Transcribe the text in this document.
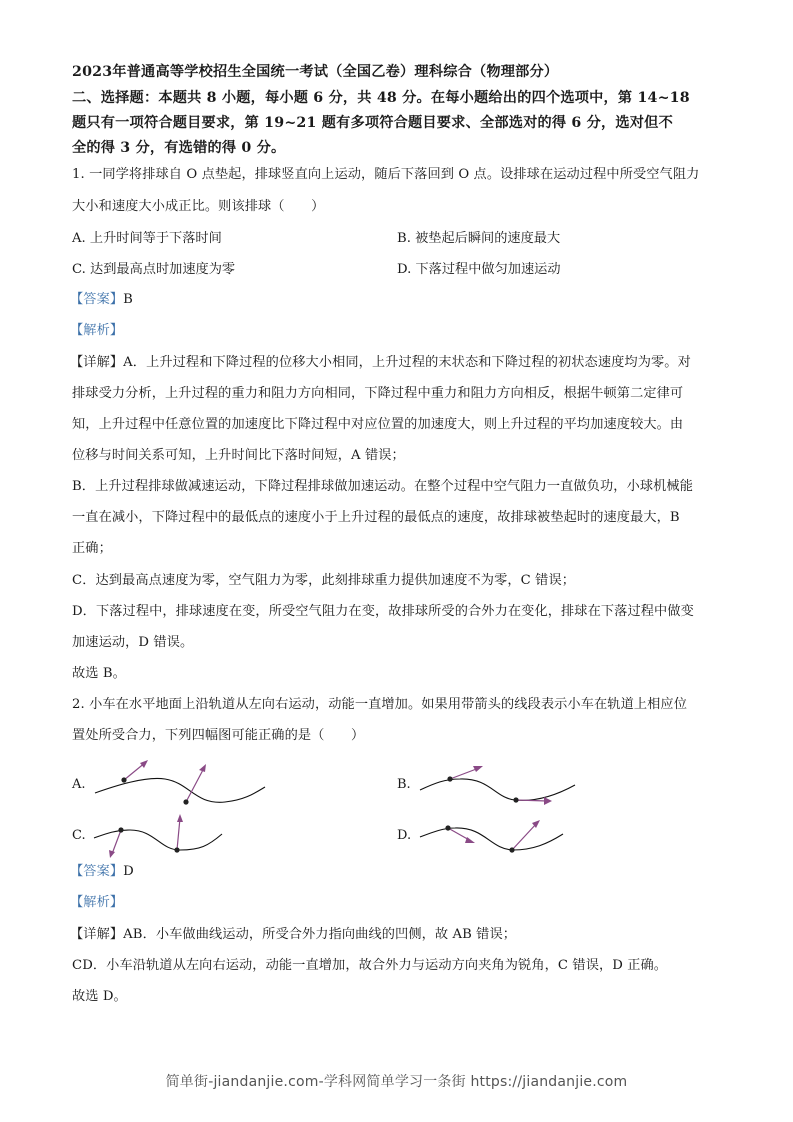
2023年普通高等学校招生全国统一考试（全国乙卷）理科综合（物理部分）
二、选择题：本题共 8 小题，每小题 6 分，共 48 分。在每小题给出的四个选项中，第 14~18
题只有一项符合题目要求，第 19~21 题有多项符合题目要求、全部选对的得 6 分，选对但不
全的得 3 分，有选错的得 0 分。
1. 一同学将排球自 O 点垫起，排球竖直向上运动，随后下落回到 O 点。设排球在运动过程中所受空气阻力
大小和速度大小成正比。则该排球（　　）
A. 上升时间等于下落时间	B. 被垫起后瞬间的速度最大
C. 达到最高点时加速度为零	D. 下落过程中做匀加速运动
【答案】B
【解析】
【详解】A．上升过程和下降过程的位移大小相同，上升过程的末状态和下降过程的初状态速度均为零。对
排球受力分析，上升过程的重力和阻力方向相同，下降过程中重力和阻力方向相反，根据牛顿第二定律可
知，上升过程中任意位置的加速度比下降过程中对应位置的加速度大，则上升过程的平均加速度较大。由
位移与时间关系可知，上升时间比下落时间短，A 错误；
B．上升过程排球做减速运动，下降过程排球做加速运动。在整个过程中空气阻力一直做负功，小球机械能
一直在减小，下降过程中的最低点的速度小于上升过程的最低点的速度，故排球被垫起时的速度最大，B
正确；
C．达到最高点速度为零，空气阻力为零，此刻排球重力提供加速度不为零，C 错误；
D．下落过程中，排球速度在变，所受空气阻力在变，故排球所受的合外力在变化，排球在下落过程中做变
加速运动，D 错误。
故选 B。
2. 小车在水平地面上沿轨道从左向右运动，动能一直增加。如果用带箭头的线段表示小车在轨道上相应位
置处所受合力，下列四幅图可能正确的是（　　）
A.	B.
C.	D.
【答案】D
【解析】
【详解】AB．小车做曲线运动，所受合外力指向曲线的凹侧，故 AB 错误；
CD．小车沿轨道从左向右运动，动能一直增加，故合外力与运动方向夹角为锐角，C 错误，D 正确。
故选 D。
简单街-jiandanjie.com-学科网简单学习一条街 https://jiandanjie.com
